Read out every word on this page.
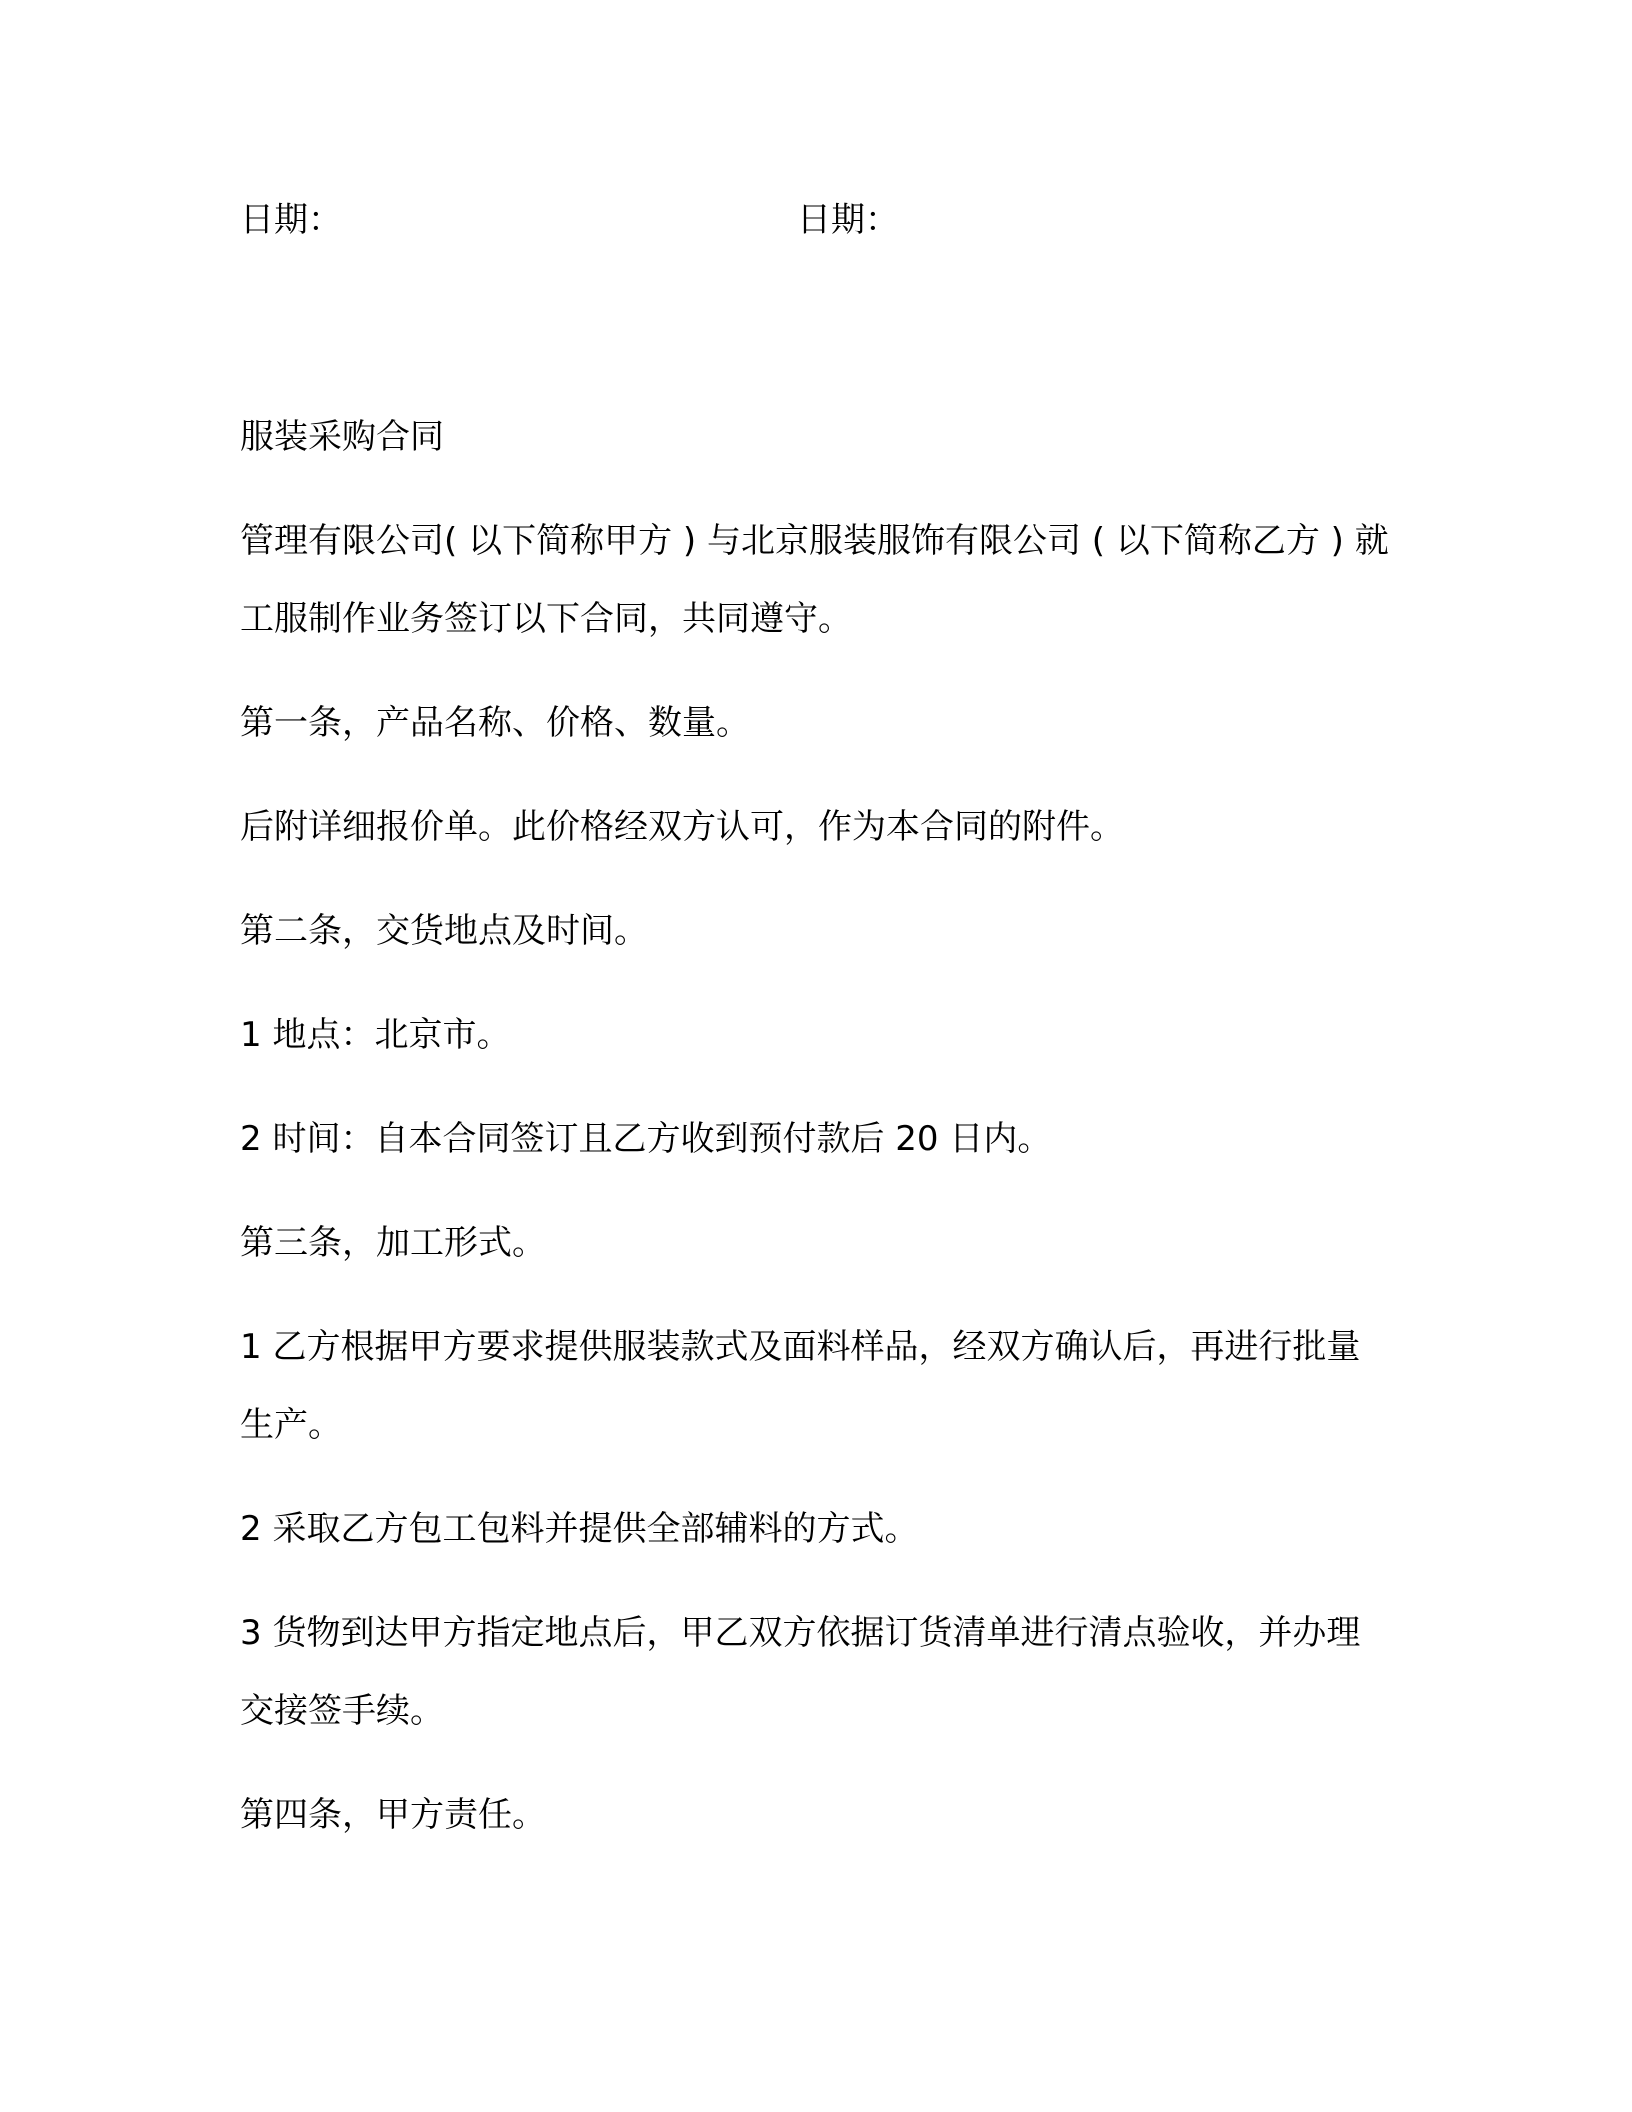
日期：	日期：

服装采购合同

管理有限公司( 以下简称甲方 ) 与北京服装服饰有限公司 ( 以下简称乙方 ) 就工服制作业务签订以下合同，共同遵守。

第一条，产品名称、价格、数量。

后附详细报价单。此价格经双方认可，作为本合同的附件。

第二条，交货地点及时间。

1 地点：北京市。

2 时间：自本合同签订且乙方收到预付款后 20 日内。

第三条，加工形式。

1 乙方根据甲方要求提供服装款式及面料样品，经双方确认后，再进行批量生产。

2 采取乙方包工包料并提供全部辅料的方式。

3 货物到达甲方指定地点后，甲乙双方依据订货清单进行清点验收，并办理交接签手续。

第四条，甲方责任。
